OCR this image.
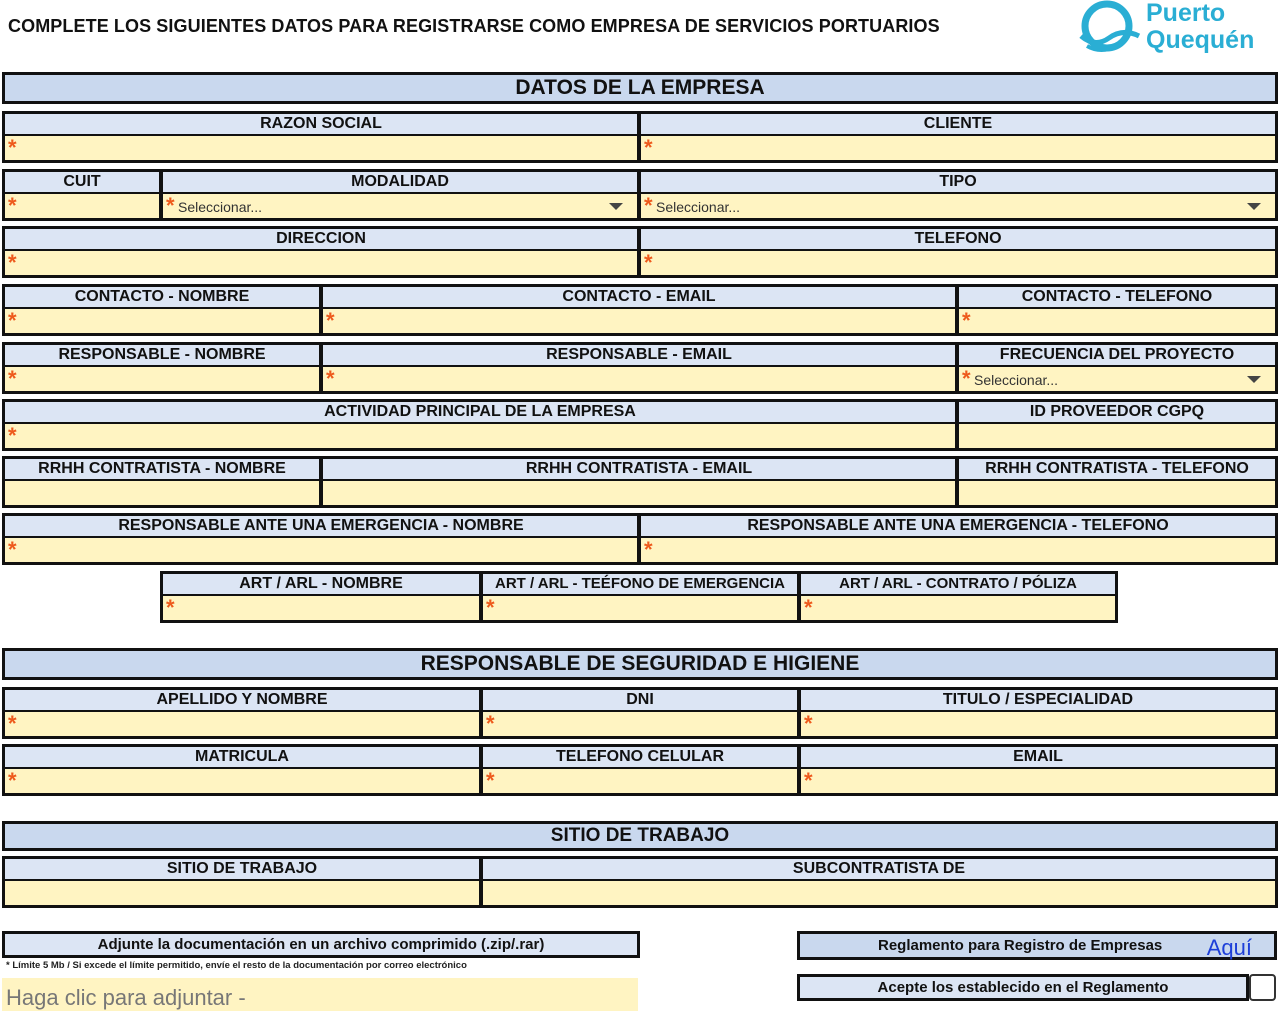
COMPLETE LOS SIGUIENTES DATOS PARA REGISTRARSE COMO EMPRESA DE SERVICIOS PORTUARIOS	Puerto
Quequén
DATOS DE LA EMPRESA
RAZON SOCIAL
*
CLIENTE
*
CUIT
*
MODALIDAD
* Seleccionar...
TIPO
* Seleccionar...
DIRECCION
*
TELEFONO
*
CONTACTO - NOMBRE
*
CONTACTO - EMAIL
*
CONTACTO - TELEFONO
*
RESPONSABLE - NOMBRE
*
RESPONSABLE - EMAIL
*
FRECUENCIA DEL PROYECTO
* Seleccionar...
ACTIVIDAD PRINCIPAL DE LA EMPRESA
*
ID PROVEEDOR CGPQ
RRHH CONTRATISTA - NOMBRE	RRHH CONTRATISTA - EMAIL	RRHH CONTRATISTA - TELEFONO
RESPONSABLE ANTE UNA EMERGENCIA - NOMBRE
*
RESPONSABLE ANTE UNA EMERGENCIA - TELEFONO
*
ART / ARL - NOMBRE
*
ART / ARL - TEÉFONO DE EMERGENCIA
*
ART / ARL - CONTRATO / PÓLIZA
*
RESPONSABLE DE SEGURIDAD E HIGIENE
APELLIDO Y NOMBRE
*
DNI
*
TITULO / ESPECIALIDAD
*
MATRICULA
*
TELEFONO CELULAR
*
EMAIL
*
SITIO DE TRABAJO
SITIO DE TRABAJO	SUBCONTRATISTA DE
Adjunte la documentación en un archivo comprimido (.zip/.rar)
* Límite 5 Mb / Si excede el límite permitido, envíe el resto de la documentación por correo electrónico
Haga clic para adjuntar -
Reglamento para Registro de Empresas Aquí
Acepte los establecido en el Reglamento
